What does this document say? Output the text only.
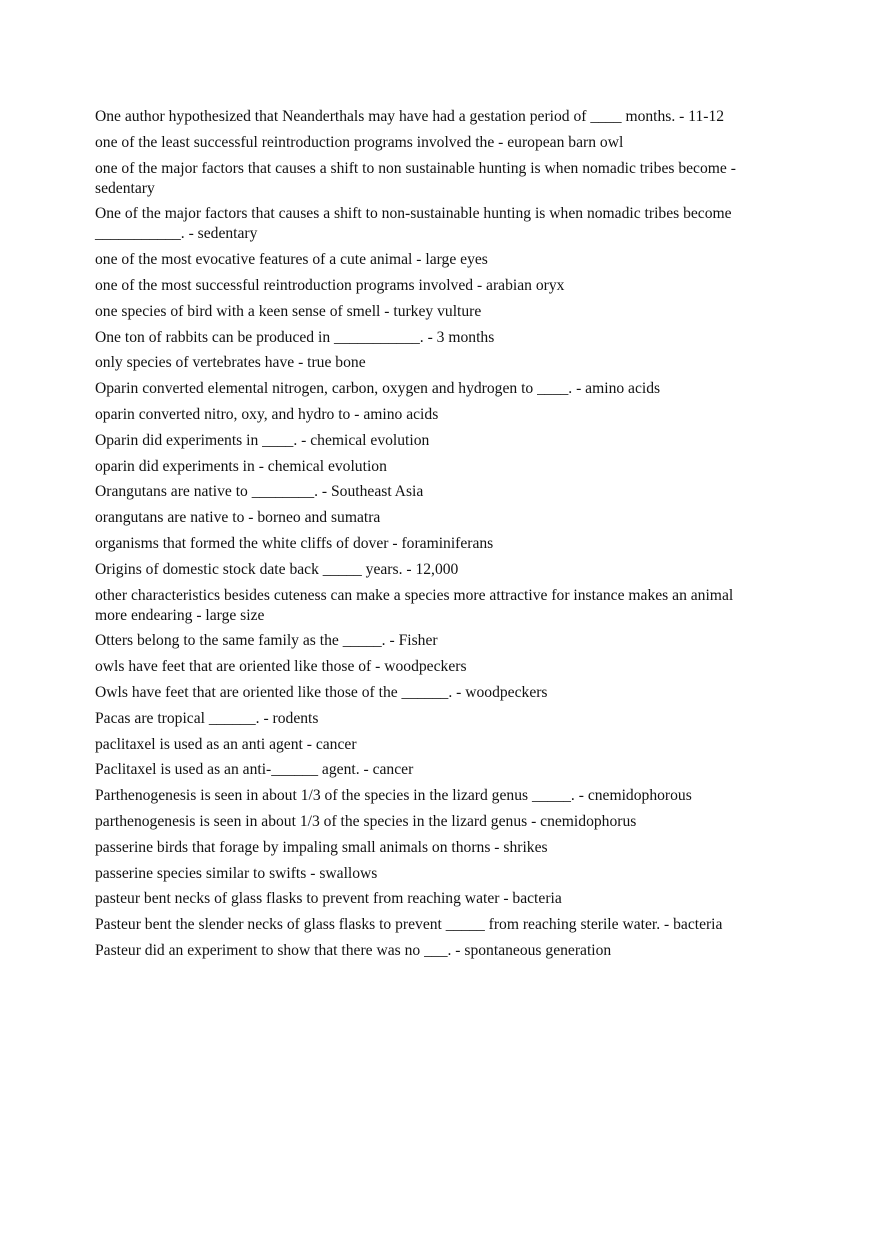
One author hypothesized that Neanderthals may have had a gestation period of ____ months. - 11-12
one of the least successful reintroduction programs involved the - european barn owl
one of the major factors that causes a shift to non sustainable hunting is when nomadic tribes become - sedentary
One of the major factors that causes a shift to non-sustainable hunting is when nomadic tribes become ___________. - sedentary
one of the most evocative features of a cute animal - large eyes
one of the most successful reintroduction programs involved - arabian oryx
one species of bird with a keen sense of smell - turkey vulture
One ton of rabbits can be produced in ___________. - 3 months
only species of vertebrates have - true bone
Oparin converted elemental nitrogen, carbon, oxygen and hydrogen to ____. - amino acids
oparin converted nitro, oxy, and hydro to - amino acids
Oparin did experiments in ____. - chemical evolution
oparin did experiments in - chemical evolution
Orangutans are native to ________. - Southeast Asia
orangutans are native to - borneo and sumatra
organisms that formed the white cliffs of dover - foraminiferans
Origins of domestic stock date back _____ years. - 12,000
other characteristics besides cuteness can make a species more attractive for instance makes an animal more endearing - large size
Otters belong to the same family as the _____. - Fisher
owls have feet that are oriented like those of - woodpeckers
Owls have feet that are oriented like those of the ______. - woodpeckers
Pacas are tropical ______. - rodents
paclitaxel is used as an anti agent - cancer
Paclitaxel is used as an anti-______ agent. - cancer
Parthenogenesis is seen in about 1/3 of the species in the lizard genus _____. - cnemidophorous
parthenogenesis is seen in about 1/3 of the species in the lizard genus - cnemidophorus
passerine birds that forage by impaling small animals on thorns - shrikes
passerine species similar to swifts - swallows
pasteur bent necks of glass flasks to prevent from reaching water - bacteria
Pasteur bent the slender necks of glass flasks to prevent _____ from reaching sterile water. - bacteria
Pasteur did an experiment to show that there was no ___. - spontaneous generation
